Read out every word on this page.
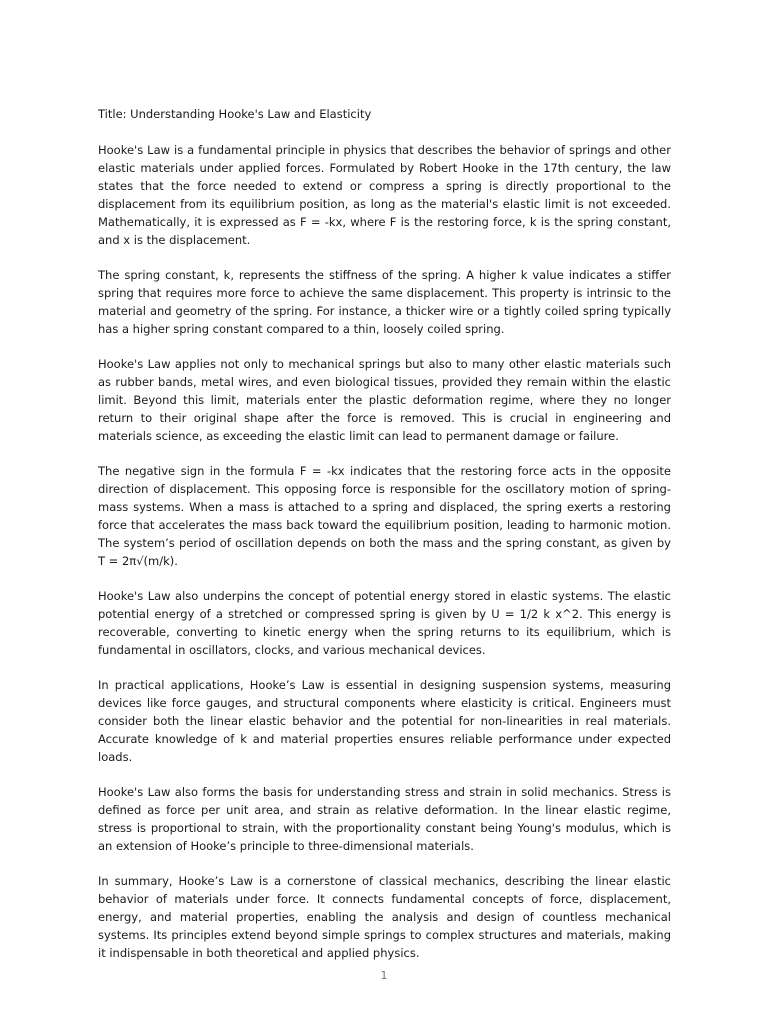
Title: Understanding Hooke's Law and Elasticity

Hooke's Law is a fundamental principle in physics that describes the behavior of springs and other elastic materials under applied forces. Formulated by Robert Hooke in the 17th century, the law states that the force needed to extend or compress a spring is directly proportional to the displacement from its equilibrium position, as long as the material's elastic limit is not exceeded. Mathematically, it is expressed as F = -kx, where F is the restoring force, k is the spring constant, and x is the displacement.

The spring constant, k, represents the stiffness of the spring. A higher k value indicates a stiffer spring that requires more force to achieve the same displacement. This property is intrinsic to the material and geometry of the spring. For instance, a thicker wire or a tightly coiled spring typically has a higher spring constant compared to a thin, loosely coiled spring.

Hooke's Law applies not only to mechanical springs but also to many other elastic materials such as rubber bands, metal wires, and even biological tissues, provided they remain within the elastic limit. Beyond this limit, materials enter the plastic deformation regime, where they no longer return to their original shape after the force is removed. This is crucial in engineering and materials science, as exceeding the elastic limit can lead to permanent damage or failure.

The negative sign in the formula F = -kx indicates that the restoring force acts in the opposite direction of displacement. This opposing force is responsible for the oscillatory motion of spring-mass systems. When a mass is attached to a spring and displaced, the spring exerts a restoring force that accelerates the mass back toward the equilibrium position, leading to harmonic motion. The system’s period of oscillation depends on both the mass and the spring constant, as given by T = 2π√(m/k).

Hooke's Law also underpins the concept of potential energy stored in elastic systems. The elastic potential energy of a stretched or compressed spring is given by U = 1/2 k x^2. This energy is recoverable, converting to kinetic energy when the spring returns to its equilibrium, which is fundamental in oscillators, clocks, and various mechanical devices.

In practical applications, Hooke’s Law is essential in designing suspension systems, measuring devices like force gauges, and structural components where elasticity is critical. Engineers must consider both the linear elastic behavior and the potential for non-linearities in real materials. Accurate knowledge of k and material properties ensures reliable performance under expected loads.

Hooke's Law also forms the basis for understanding stress and strain in solid mechanics. Stress is defined as force per unit area, and strain as relative deformation. In the linear elastic regime, stress is proportional to strain, with the proportionality constant being Young's modulus, which is an extension of Hooke’s principle to three-dimensional materials.

In summary, Hooke’s Law is a cornerstone of classical mechanics, describing the linear elastic behavior of materials under force. It connects fundamental concepts of force, displacement, energy, and material properties, enabling the analysis and design of countless mechanical systems. Its principles extend beyond simple springs to complex structures and materials, making it indispensable in both theoretical and applied physics.

1
